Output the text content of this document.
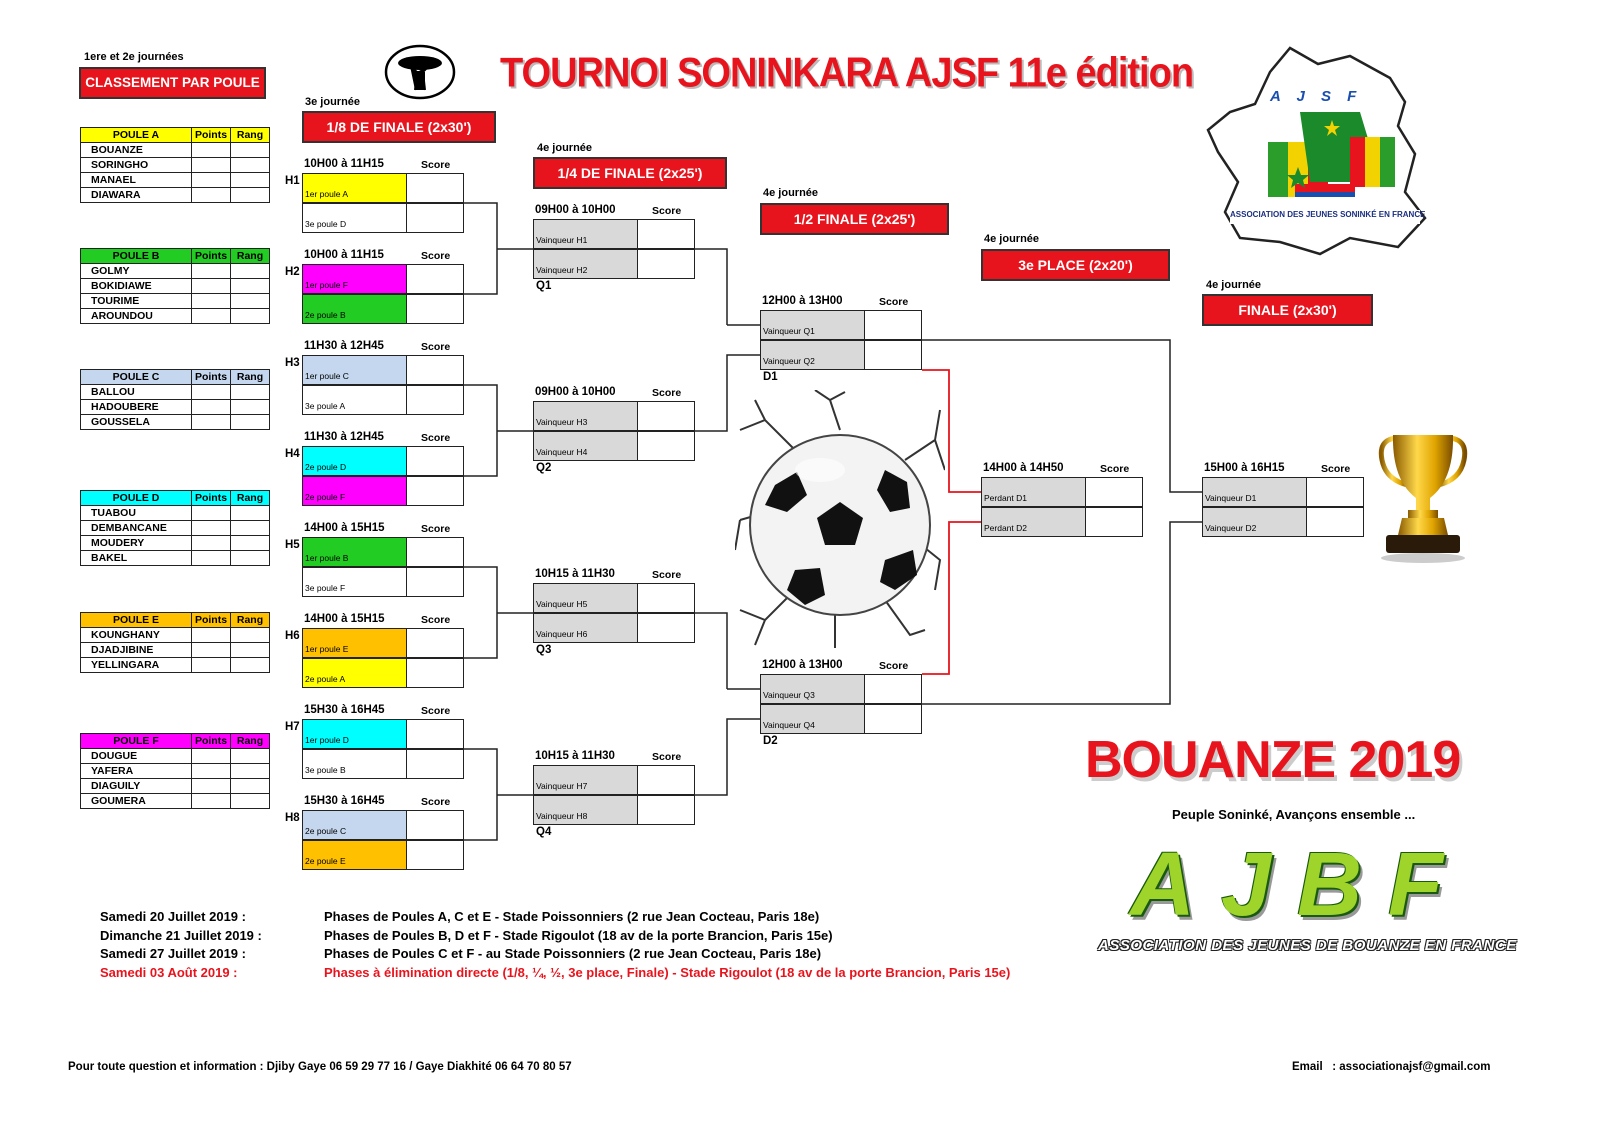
1ere et 2e journées
CLASSEMENT PAR POULE	TOURNOI SONINKARA AJSF 11e édition
3e journée
1/8 DE FINALE (2x30')
4e journée
1/4 DE FINALE (2x25')
4e journée
1/2 FINALE (2x25')
4e journée
3e PLACE (2x20')
4e journée
FINALE (2x30')
POULE A	Points	Rang
BOUANZE		
SORINGHO		
MANAEL		
DIAWARA		
POULE B	Points	Rang
GOLMY		
BOKIDIAWE		
TOURIME		
AROUNDOU		
POULE C	Points	Rang
BALLOU		
HADOUBERE		
GOUSSELA		
POULE D	Points	Rang
TUABOU		
DEMBANCANE		
MOUDERY		
BAKEL		
POULE E	Points	Rang
KOUNGHANY		
DJADJIBINE		
YELLINGARA		
POULE F	Points	Rang
DOUGUE		
YAFERA		
DIAGUILY		
GOUMERA		
10H00 à 11H15	Score
1er poule A
3e poule D
H1
10H00 à 11H15	Score
1er poule F
2e poule B
H2
11H30 à 12H45	Score
1er poule C
3e poule A
H3
11H30 à 12H45	Score
2e poule D
2e poule F
H4
14H00 à 15H15	Score
1er poule B
3e poule F
H5
14H00 à 15H15	Score
1er poule E
2e poule A
H6
15H30 à 16H45	Score
1er poule D
3e poule B
H7
15H30 à 16H45	Score
2e poule C
2e poule E
H8
09H00 à 10H00	Score
Vainqueur H1
Vainqueur H2
Q1
09H00 à 10H00	Score
Vainqueur H3
Vainqueur H4
Q2
10H15 à 11H30	Score
Vainqueur H5
Vainqueur H6
Q3
10H15 à 11H30	Score
Vainqueur H7
Vainqueur H8
Q4
12H00 à 13H00	Score
Vainqueur Q1
Vainqueur Q2
D1
12H00 à 13H00	Score
Vainqueur Q3
Vainqueur Q4
D2
14H00 à 14H50	Score
Perdant D1
Perdant D2
15H00 à 16H15	Score
Vainqueur D1
Vainqueur D2
A J S F
ASSOCIATION DES JEUNES SONINKÉ EN FRANCE
BOUANZE 2019
Peuple Soninké, Avançons ensemble ...
AJBF
ASSOCIATION DES JEUNES DE BOUANZE EN FRANCE
Samedi 20 Juillet 2019 :	Phases de Poules A, C et E - Stade Poissonniers (2 rue Jean Cocteau, Paris 18e)
Dimanche 21 Juillet 2019 :	Phases de Poules B, D et F - Stade Rigoulot (18 av de la porte Brancion, Paris 15e)
Samedi 27 Juillet 2019 :	Phases de Poules C et F - au Stade Poissonniers (2 rue Jean Cocteau, Paris 18e)
Samedi 03 Août 2019 :	Phases à élimination directe (1/8, ¼, ½, 3e place, Finale) - Stade Rigoulot (18 av de la porte Brancion, Paris 15e)
Pour toute question et information : Djiby Gaye 06 59 29 77 16 / Gaye Diakhité 06 64 70 80 57	Email   : associationajsf@gmail.com
